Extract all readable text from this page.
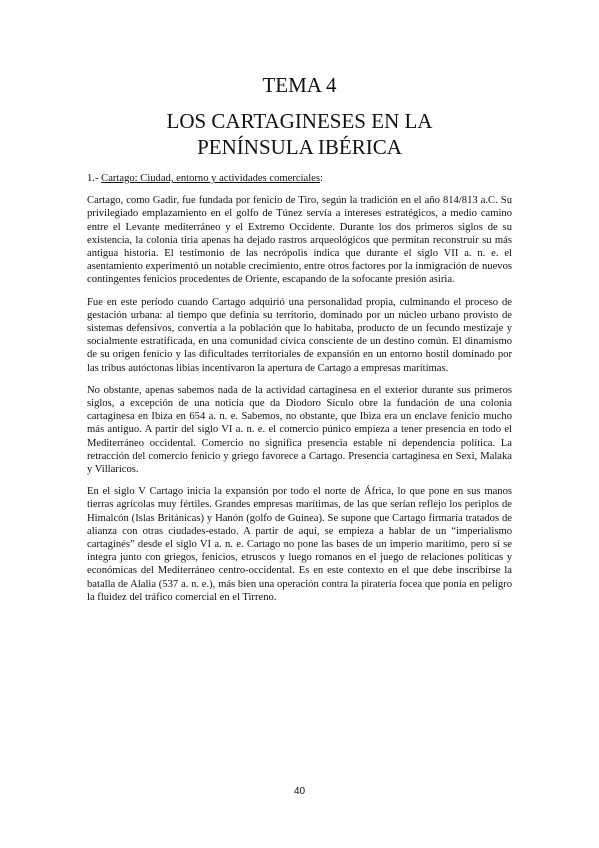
TEMA 4
LOS CARTAGINESES EN LA
PENÍNSULA IBÉRICA

1.- Cartago: Ciudad, entorno y actividades comerciales:

Cartago, como Gadir, fue fundada por fenicio de Tiro, según la tradición en el año 814/813 a.C. Su privilegiado emplazamiento en el golfo de Túnez servía a intereses estratégicos, a medio camino entre el Levante mediterráneo y el Extremo Occidente. Durante los dos primeros siglos de su existencia, la colonia tiria apenas ha dejado rastros arqueológicos que permitan reconstruir su más antigua historia. El testimonio de las necrópolis indica que durante el siglo VII a. n. e. el asentamiento experimentó un notable crecimiento, entre otros factores por la inmigración de nuevos contingentes fenicios procedentes de Oriente, escapando de la sofocante presión asiria.

Fue en este período cuando Cartago adquirió una personalidad propia, culminando el proceso de gestación urbana: al tiempo que definía su territorio, dominado por un núcleo urbano provisto de sistemas defensivos, convertía a la población que lo habitaba, producto de un fecundo mestizaje y socialmente estratificada, en una comunidad cívica consciente de un destino común. El dinamismo de su origen fenicio y las dificultades territoriales de expansión en un entorno hostil dominado por las tribus autóctonas libias incentivaron la apertura de Cartago a empresas marítimas.

No obstante, apenas sabemos nada de la actividad cartaginesa en el exterior durante sus primeros siglos, a excepción de una noticia que da Diodoro Sículo obre la fundación de una colonia cartaginesa en Ibiza en 654 a. n. e. Sabemos, no obstante, que Ibiza era un enclave fenicio mucho más antiguo. A partir del siglo VI a. n. e. el comercio púnico empieza a tener presencia en todo el Mediterráneo occidental. Comercio no significa presencia estable ni dependencia política. La retracción del comercio fenicio y griego favorece a Cartago. Presencia cartaginesa en Sexi, Malaka y Villaricos.

En el siglo V Cartago inicia la expansión por todo el norte de África, lo que pone en sus manos tierras agrícolas muy fértiles. Grandes empresas marítimas, de las que serían reflejo los periplos de Himalcón (Islas Británicas) y Hanón (golfo de Guinea). Se supone que Cartago firmaría tratados de alianza con otras ciudades-estado. A partir de aquí, se empieza a hablar de un “imperialismo cartaginés” desde el siglo VI a. n. e. Cartago no pone las bases de un imperio marítimo, pero sí se integra junto con griegos, fenicios, etruscos y luego romanos en el juego de relaciones políticas y económicas del Mediterráneo centro-occidental. Es en este contexto en el que debe inscribirse la batalla de Alalia (537 a. n. e.), más bien una operación contra la piratería focea que ponía en peligro la fluidez del tráfico comercial en el Tirreno.

40
